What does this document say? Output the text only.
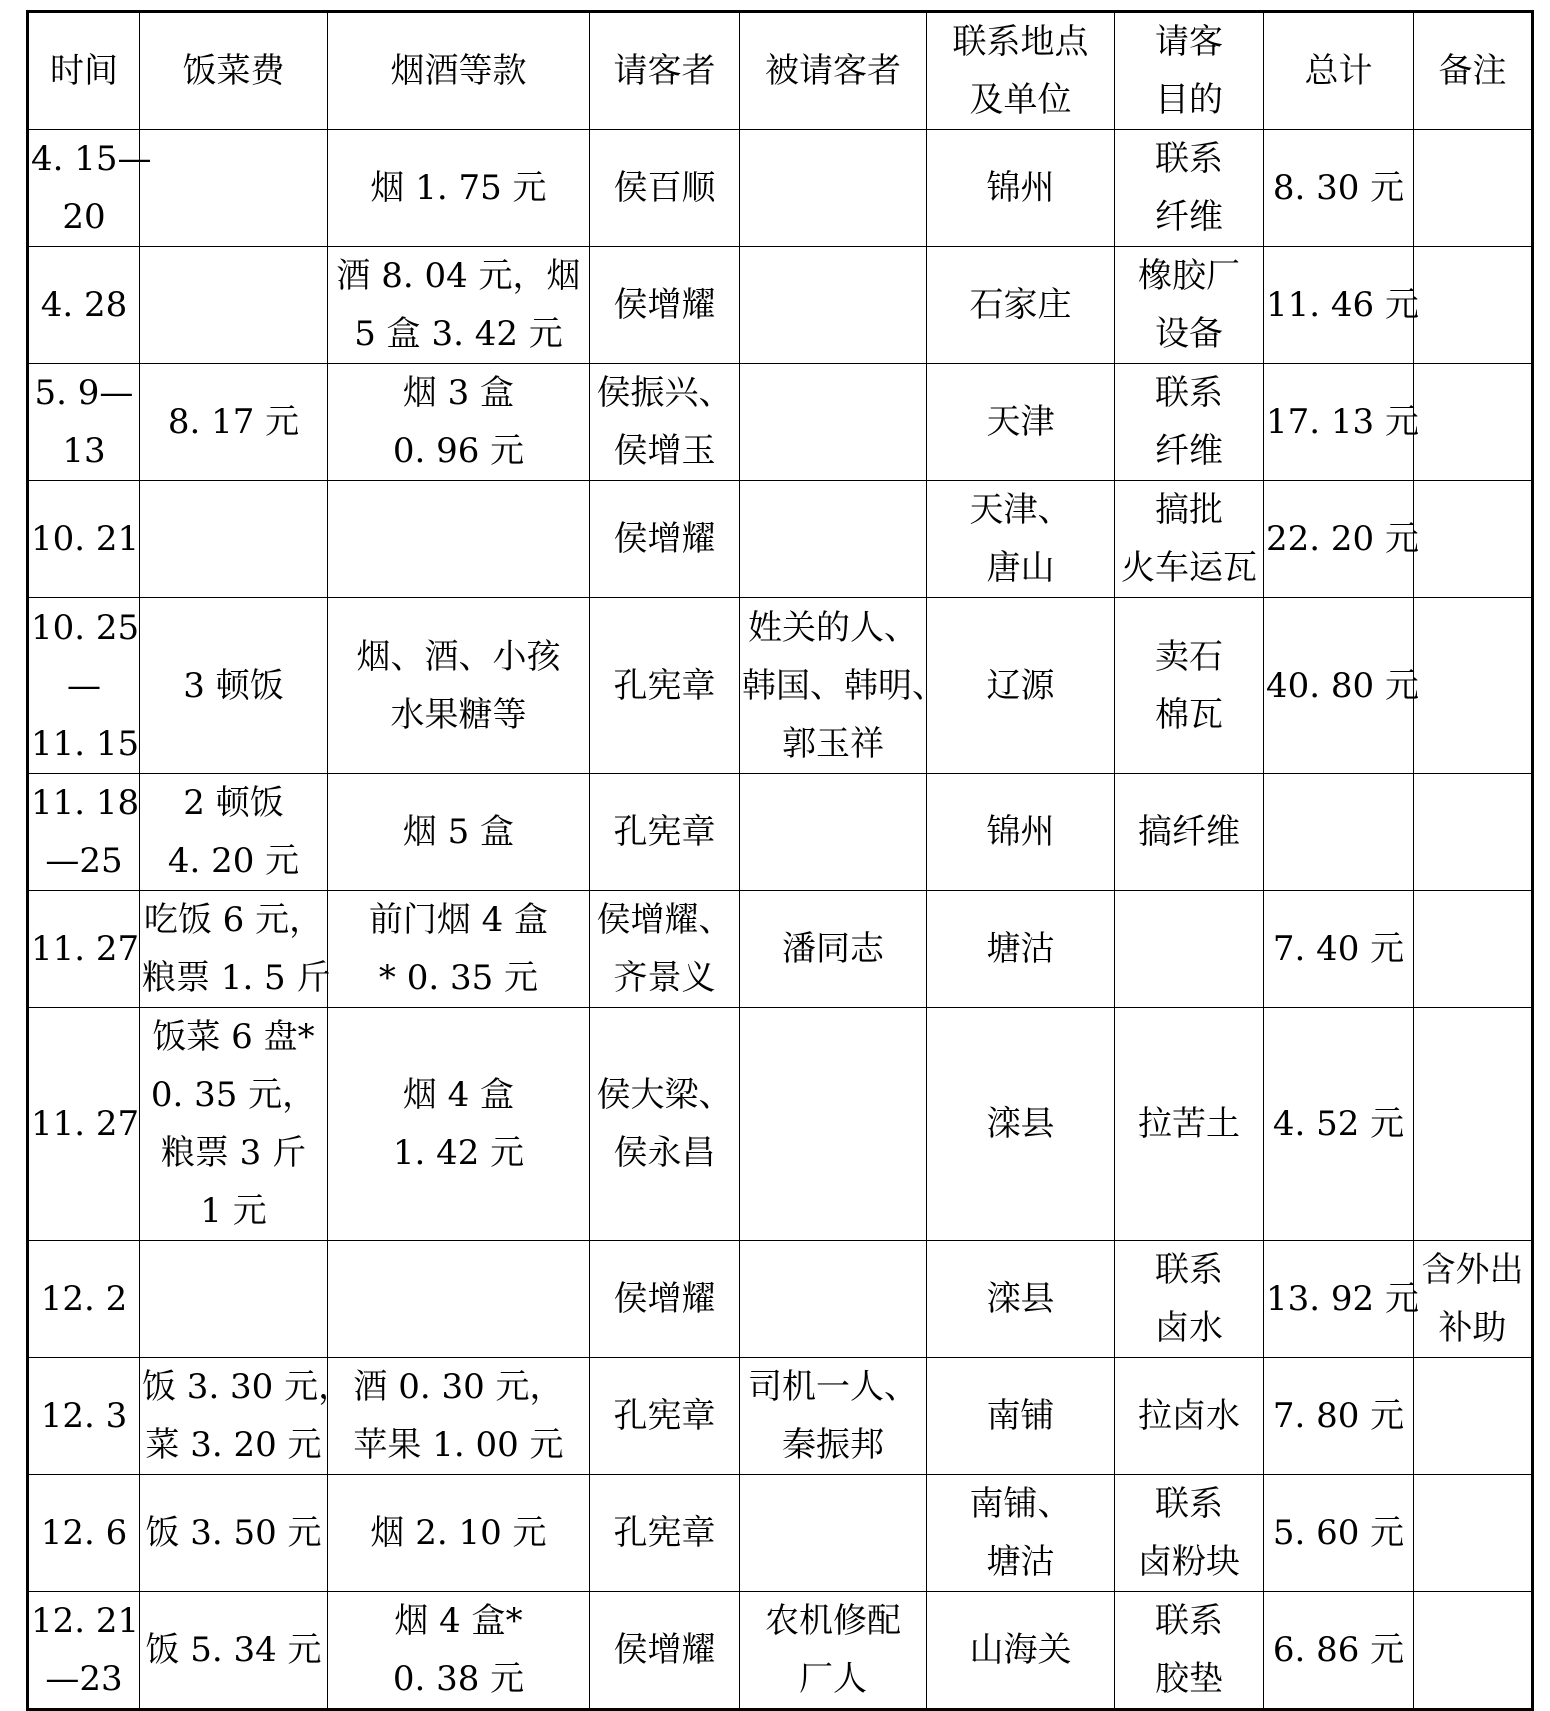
时间	饭菜费	烟酒等款	请客者	被请客者	联系地点
及单位	请客
目的	总计	备注

4. 15—
20		烟 1. 75 元	侯百顺		锦州	联系
纤维	8. 30 元	

4. 28		酒 8. 04 元，烟
5 盒 3. 42 元	侯增耀		石家庄	橡胶厂
设备	11. 46 元	

5. 9—
13	8. 17 元	烟 3 盒
0. 96 元	侯振兴、
侯增玉		天津	联系
纤维	17. 13 元	

10. 21			侯增耀		天津、
唐山	搞批
火车运瓦	22. 20 元	

10. 25
—
11. 15	3 顿饭	烟、酒、小孩
水果糖等	孔宪章	姓关的人、
韩国、韩明、
郭玉祥	辽源	卖石
棉瓦	40. 80 元	

11. 18
—25	2 顿饭
4. 20 元	烟 5 盒	孔宪章		锦州	搞纤维		

11. 27	吃饭 6 元，
粮票 1. 5 斤	前门烟 4 盒
* 0. 35 元	侯增耀、
齐景义	潘同志	塘沽		7. 40 元	

11. 27	饭菜 6 盘*
0. 35 元，
粮票 3 斤
1 元	烟 4 盒
1. 42 元	侯大梁、
侯永昌		滦县	拉苦土	4. 52 元	

12. 2			侯增耀		滦县	联系
卤水	13. 92 元	含外出
补助

12. 3	饭 3. 30 元，
菜 3. 20 元	酒 0. 30 元，
苹果 1. 00 元	孔宪章	司机一人、
秦振邦	南铺	拉卤水	7. 80 元	

12. 6	饭 3. 50 元	烟 2. 10 元	孔宪章		南铺、
塘沽	联系
卤粉块	5. 60 元	

12. 21
—23	饭 5. 34 元	烟 4 盒*
0. 38 元	侯增耀	农机修配
厂人	山海关	联系
胶垫	6. 86 元	
